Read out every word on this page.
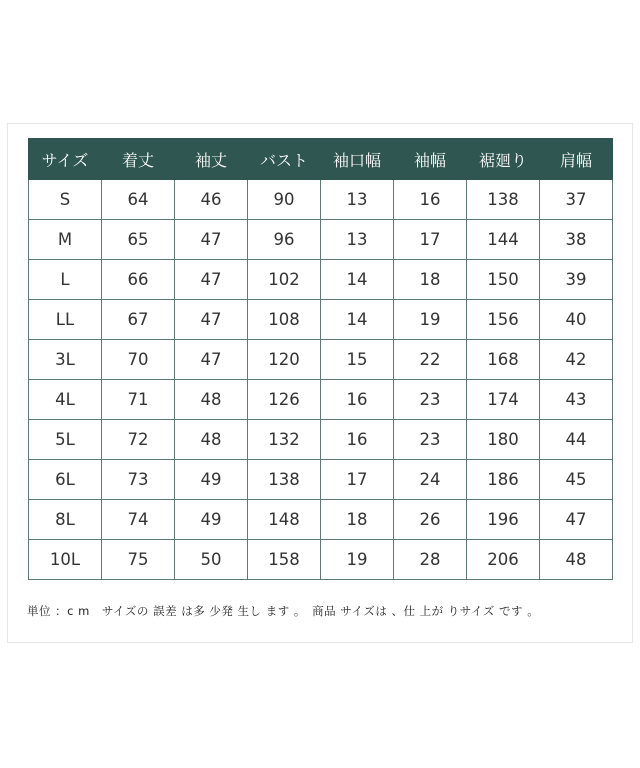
サイズ	着丈	袖丈	バスト	袖口幅	袖幅	裾廻り	肩幅
S	64	46	90	13	16	138	37
M	65	47	96	13	17	144	38
L	66	47	102	14	18	150	39
LL	67	47	108	14	19	156	40
3L	70	47	120	15	22	168	42
4L	71	48	126	16	23	174	43
5L	72	48	132	16	23	180	44
6L	73	49	138	17	24	186	45
8L	74	49	148	18	26	196	47
10L	75	50	158	19	28	206	48
単位 ：c m　サイズの 誤差 は多 少発 生し ます 。　商品 サイズは 、仕 上が りサイズ です 。
